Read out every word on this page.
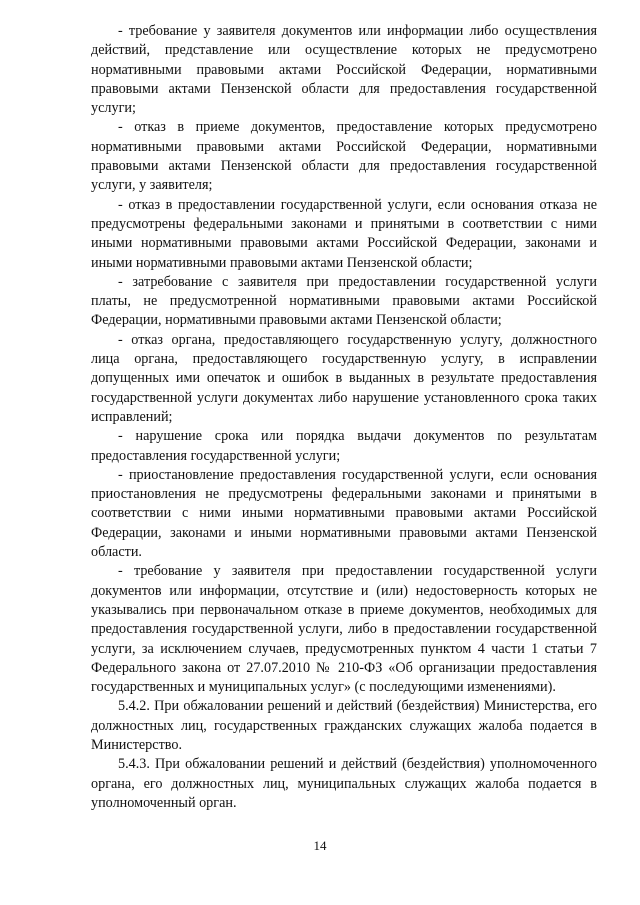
- требование у заявителя документов или информации либо осуществления действий, представление или осуществление которых не предусмотрено нормативными правовыми актами Российской Федерации, нормативными правовыми актами Пензенской области для предоставления государственной услуги;

- отказ в приеме документов, предоставление которых предусмотрено нормативными правовыми актами Российской Федерации, нормативными правовыми актами Пензенской области для предоставления государственной услуги, у заявителя;

- отказ в предоставлении государственной услуги, если основания отказа не предусмотрены федеральными законами и принятыми в соответствии с ними иными нормативными правовыми актами Российской Федерации, законами и иными нормативными правовыми актами Пензенской области;

- затребование с заявителя при предоставлении государственной услуги платы, не предусмотренной нормативными правовыми актами Российской Федерации, нормативными правовыми актами Пензенской области;

- отказ органа, предоставляющего государственную услугу, должностного лица органа, предоставляющего государственную услугу, в исправлении допущенных ими опечаток и ошибок в выданных в результате предоставления государственной услуги документах либо нарушение установленного срока таких исправлений;

- нарушение срока или порядка выдачи документов по результатам предоставления государственной услуги;

- приостановление предоставления государственной услуги, если основания приостановления не предусмотрены федеральными законами и принятыми в соответствии с ними иными нормативными правовыми актами Российской Федерации, законами и иными нормативными правовыми актами Пензенской области.

- требование у заявителя при предоставлении государственной услуги документов или информации, отсутствие и (или) недостоверность которых не указывались при первоначальном отказе в приеме документов, необходимых для предоставления государственной услуги, либо в предоставлении государственной услуги, за исключением случаев, предусмотренных пунктом 4 части 1 статьи 7 Федерального закона от 27.07.2010 № 210-ФЗ «Об организации предоставления государственных и муниципальных услуг» (с последующими изменениями).

5.4.2. При обжаловании решений и действий (бездействия) Министерства, его должностных лиц, государственных гражданских служащих жалоба подается в Министерство.

5.4.3. При обжаловании решений и действий (бездействия) уполномоченного органа, его должностных лиц, муниципальных служащих жалоба подается в уполномоченный орган.

14
